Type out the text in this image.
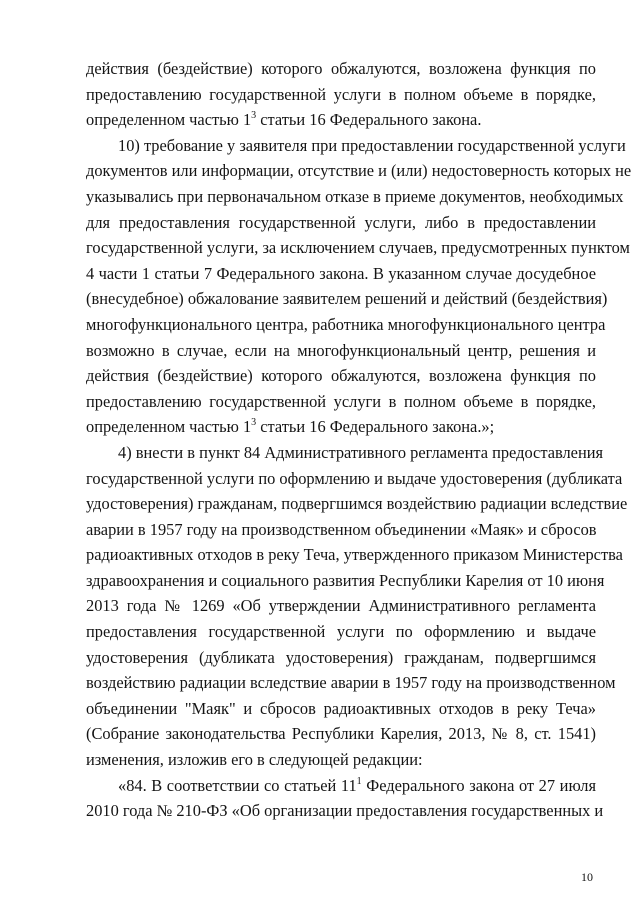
действия (бездействие) которого обжалуются, возложена функция по
предоставлению государственной услуги в полном объеме в порядке,
определенном частью $1^3$ статьи 16 Федерального закона.
10) требование у заявителя при предоставлении государственной услуги
документов или информации, отсутствие и (или) недостоверность которых не
указывались при первоначальном отказе в приеме документов, необходимых
для предоставления государственной услуги, либо в предоставлении
государственной услуги, за исключением случаев, предусмотренных пунктом
4 части 1 статьи 7 Федерального закона. В указанном случае досудебное
(внесудебное) обжалование заявителем решений и действий (бездействия)
многофункционального центра, работника многофункционального центра
возможно в случае, если на многофункциональный центр, решения и
действия (бездействие) которого обжалуются, возложена функция по
предоставлению государственной услуги в полном объеме в порядке,
определенном частью $1^3$ статьи 16 Федерального закона.»;
4) внести в пункт 84 Административного регламента предоставления
государственной услуги по оформлению и выдаче удостоверения (дубликата
удостоверения) гражданам, подвергшимся воздействию радиации вследствие
аварии в 1957 году на производственном объединении «Маяк» и сбросов
радиоактивных отходов в реку Теча, утвержденного приказом Министерства
здравоохранения и социального развития Республики Карелия от 10 июня
2013 года № 1269 «Об утверждении Административного регламента
предоставления государственной услуги по оформлению и выдаче
удостоверения (дубликата удостоверения) гражданам, подвергшимся
воздействию радиации вследствие аварии в 1957 году на производственном
объединении "Маяк" и сбросов радиоактивных отходов в реку Теча»
(Собрание законодательства Республики Карелия, 2013, № 8, ст. 1541)
изменения, изложив его в следующей редакции:
«84. В соответствии со статьей $11^1$ Федерального закона от 27 июля
2010 года № 210-ФЗ «Об организации предоставления государственных и
10
